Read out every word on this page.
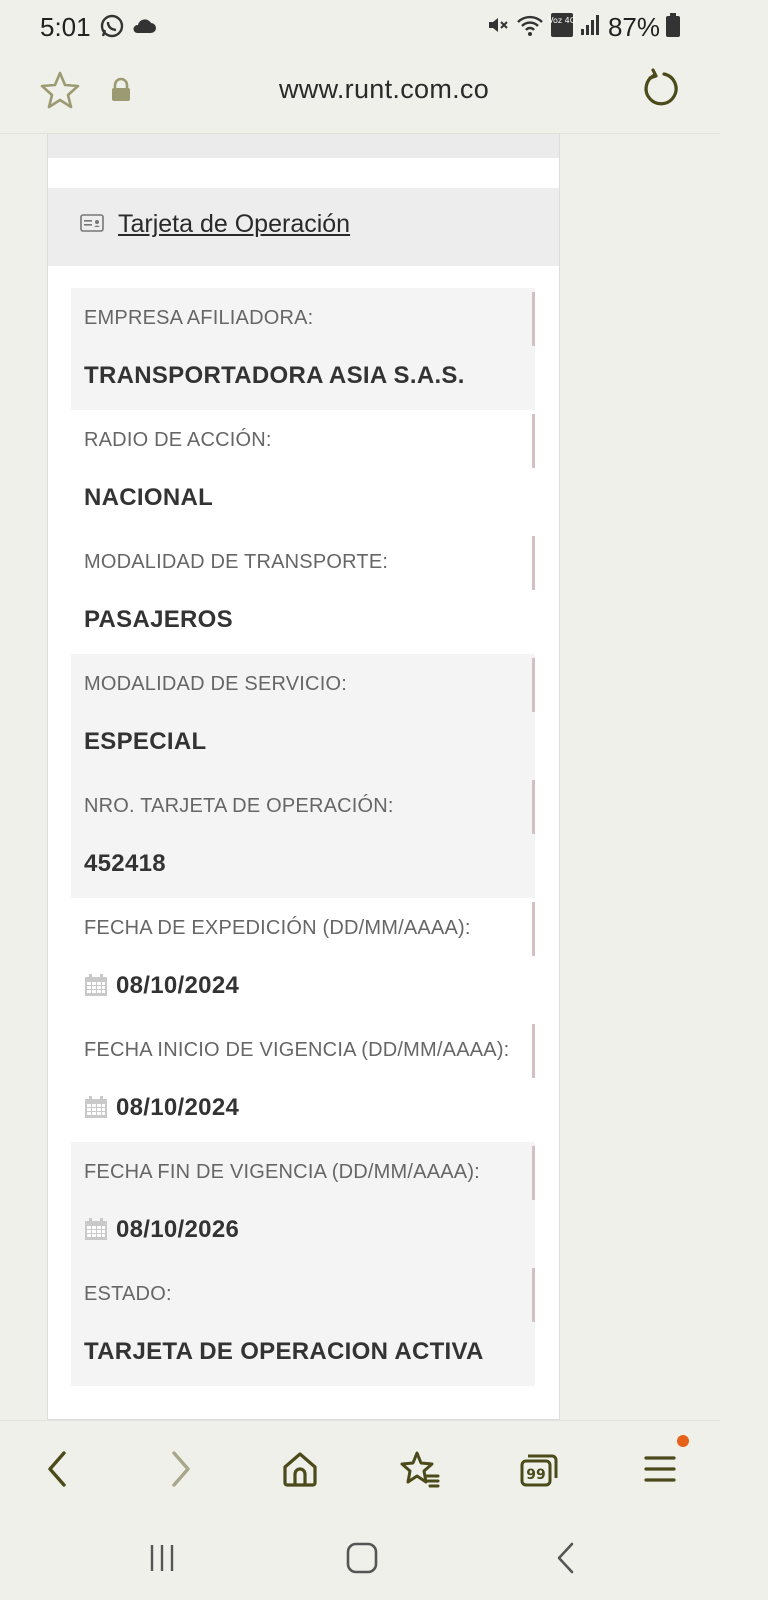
5:01	Voz 4G 87%
www.runt.com.co
Tarjeta de Operación
EMPRESA AFILIADORA:
TRANSPORTADORA ASIA S.A.S.
RADIO DE ACCIÓN:
NACIONAL
MODALIDAD DE TRANSPORTE:
PASAJEROS
MODALIDAD DE SERVICIO:
ESPECIAL
NRO. TARJETA DE OPERACIÓN:
452418
FECHA DE EXPEDICIÓN (DD/MM/AAAA):
08/10/2024
FECHA INICIO DE VIGENCIA (DD/MM/AAAA):
08/10/2024
FECHA FIN DE VIGENCIA (DD/MM/AAAA):
08/10/2026
ESTADO:
TARJETA DE OPERACION ACTIVA
99
